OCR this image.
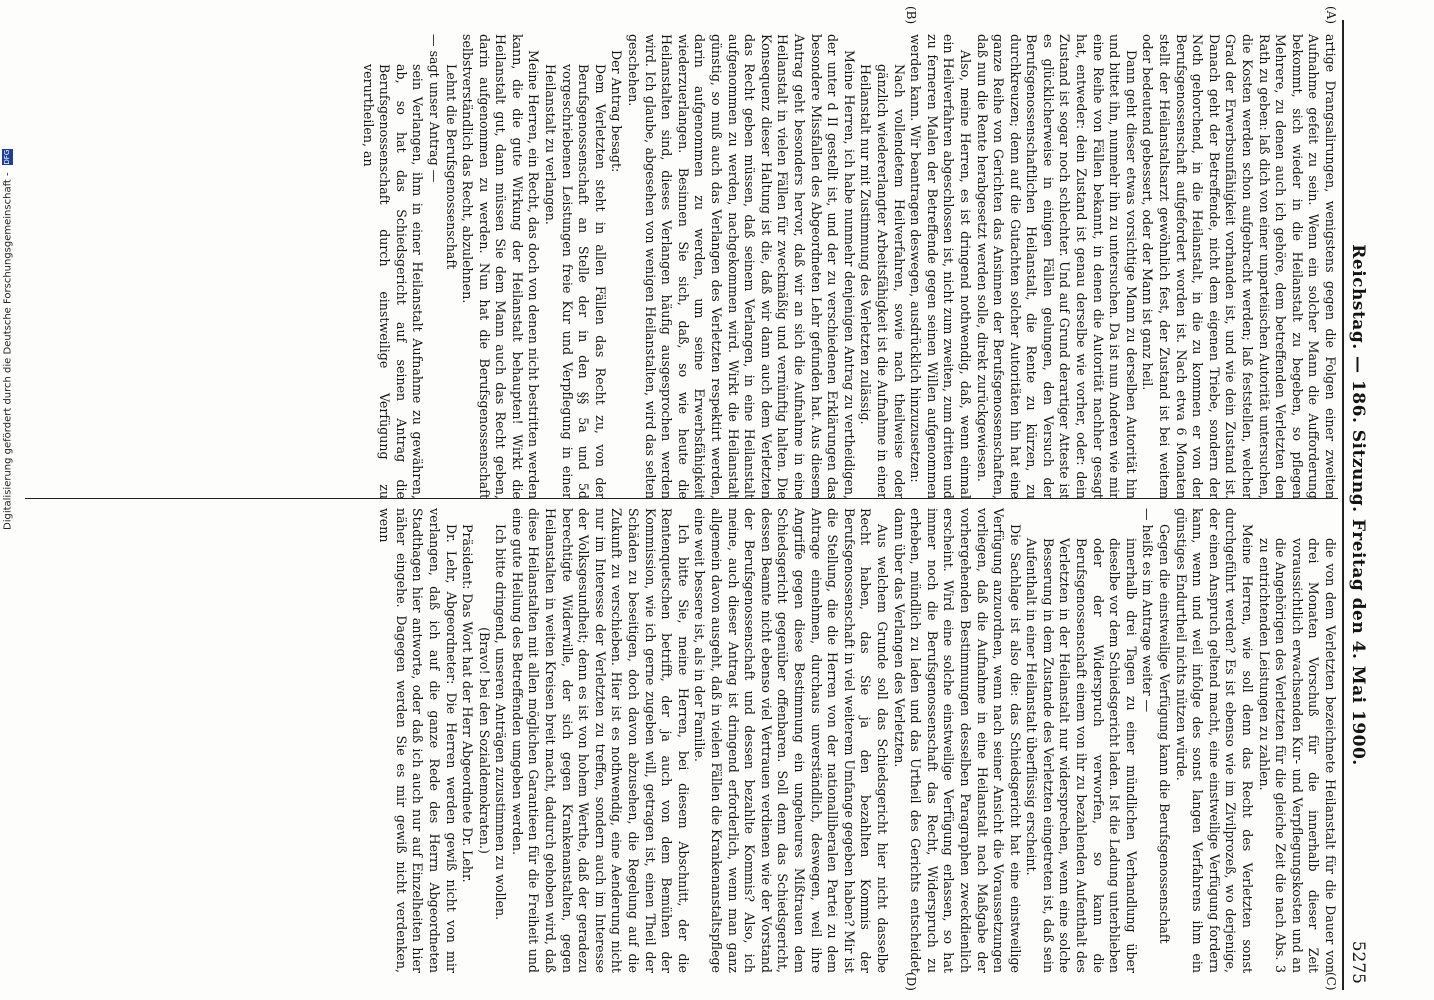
Reichstag. — 186. Sitzung. Freitag den 4. Mai 1900.
5275

artige Drangsalirungen, wenigstens gegen die Folgen einer zweiten Aufnahme gefeit zu sein. Wenn ein solcher Mann die Aufforderung bekommt, sich wieder in die Heilanstalt zu begeben, so pflegen Mehrere, zu denen auch ich gehöre, dem betreffenden Verletzten den Rath zu geben: laß dich von einer unparteiischen Autorität untersuchen, die Kosten werden schon aufgebracht werden; laß feststellen, welcher Grad der Erwerbsunfähigkeit vorhanden ist, und wie dein Zustand ist. Danach geht der Betreffende, nicht dem eigenen Triebe, sondern der Noth gehorchend, in die Heilanstalt, in die zu kommen er von der Berufsgenossenschaft aufgefordert worden ist. Nach etwa 6 Monaten stellt der Heilanstaltsarzt gewöhnlich fest, der Zustand ist bei weitem oder bedeutend gebessert, oder der Mann ist ganz heil.

Dann geht dieser etwas vorsichtige Mann zu derselben Autorität hin und bittet ihn, nunmehr ihn zu untersuchen. Da ist nun Anderen wie mir eine Reihe von Fällen bekannt, in denen die Autorität nachher gesagt hat, entweder: dein Zustand ist genau derselbe wie vorher, oder: dein Zustand ist sogar noch schlechter. Und auf Grund derartiger Atteste ist es glücklicherweise in einigen Fällen gelungen, den Versuch der Berufsgenossenschaftlichen Heilanstalt, die Rente zu kürzen, zu durchkreuzen; denn auf die Gutachten solcher Autoritäten hin hat eine ganze Reihe von Gerichten das Ansinnen der Berufsgenossenschaften, daß nun die Rente herabgesetzt werden solle, direkt zurückgewiesen.

Also, meine Herren, es ist dringend nothwendig, daß, wenn einmal ein Heilverfahren abgeschlossen ist, nicht zum zweiten, zum dritten und zu ferneren Malen der Betreffende gegen seinen Willen aufgenommen werden kann. Wir beantragen deswegen, ausdrücklich hinzuzusetzen:

Nach vollendetem Heilverfahren, sowie nach theilweise oder gänzlich wiedererlangter Arbeitsfähigkeit ist die Aufnahme in einer Heilanstalt nur mit Zustimmung des Verletzten zulässig.

Meine Herren, ich habe nunmehr denjenigen Antrag zu vertheidigen, der unter d II gestellt ist, und der zu verschiedenen Erklärungen das besondere Missfallen des Abgeordneten Lehr gefunden hat. Aus diesem Antrag geht besonders hervor, daß wir an sich die Aufnahme in eine Heilanstalt in vielen Fällen für zweckmäßig und vernünftig halten. Die Konsequenz dieser Haltung ist die, daß wir dann auch dem Verletzten das Recht geben müssen, daß seinem Verlangen, in eine Heilanstalt aufgenommen zu werden, nachgekommen wird. Wirkt die Heilanstalt günstig, so muß auch das Verlangen des Verletzten respektirt werden, darin aufgenommen zu werden, um seine Erwerbsfähigkeit wiederzuerlangen. Besinnen Sie sich, daß, so wie heute die Heilanstalten sind, dieses Verlangen häufig ausgesprochen werden wird. Ich glaube, abgesehen von wenigen Heilanstalten, wird das selten geschehen.

Der Antrag besagt:

Dem Verletzten steht in allen Fällen das Recht zu, von der Berufsgenossenschaft an Stelle der in den §§ 5a und 5d vorgeschriebenen Leistungen freie Kur und Verpflegung in einer Heilanstalt zu verlangen.

Meine Herren, ein Recht, das doch von denen nicht bestritten werden kann, die die gute Wirkung der Heilanstalt behaupten! Wirkt die Heilanstalt gut, dann müssen Sie dem Mann auch das Recht geben, darin aufgenommen zu werden. Nun hat die Berufsgenossenschaft selbstverständlich das Recht, abzulehnen.

Lehnt die Berufsgenossenschaft

— sagt unser Antrag —

sein Verlangen, ihm in einer Heilanstalt Aufnahme zu gewähren, ab, so hat das Schiedsgericht auf seinen Antrag die Berufsgenossenschaft durch einstweilige Verfügung zu verurtheilen, an

die von dem Verletzten bezeichnete Heilanstalt für die Dauer von drei Monaten Vorschuß für die innerhalb dieser Zeit voraussichtlich erwachsenden Kur- und Verpflegungskosten und an die Angehörigen des Verletzten für die gleiche Zeit die nach Abs. 3 zu entrichtenden Leistungen zu zahlen.

Meine Herren, wie soll denn das Recht des Verletzten sonst durchgeführt werden? Es ist ebenso wie im Zivilprozeß, wo derjenige, der einen Anspruch geltend macht, eine einstweilige Verfügung fordern kann, wenn und weil infolge des sonst langen Verfahrens ihm ein günstiges Endurtheil nichts nützen würde.

Gegen die einstweilige Verfügung kann die Berufsgenossenschaft

— heißt es im Antrage weiter —

innerhalb drei Tagen zu einer mündlichen Verhandlung über dieselbe vor dem Schiedsgericht laden. Ist die Ladung unterblieben oder der Widerspruch verworfen, so kann die Berufsgenossenschaft einem von ihr zu bezahlenden Aufenthalt des Verletzten in der Heilanstalt nur widersprechen, wenn eine solche Besserung in dem Zustande des Verletzten eingetreten ist, daß sein Aufenthalt in einer Heilanstalt überflüssig erscheint.

Die Sachlage ist also die: das Schiedsgericht hat eine einstweilige Verfügung anzuordnen, wenn nach seiner Ansicht die Voraussetzungen vorliegen, daß die Aufnahme in eine Heilanstalt nach Maßgabe der vorhergehenden Bestimmungen desselben Paragraphen zweckdienlich erscheint. Wird eine solche einstweilige Verfügung erlassen, so hat immer noch die Berufsgenossenschaft das Recht, Widerspruch zu erheben, mündlich zu laden und das Urtheil des Gerichts entscheidet dann über das Verlangen des Verletzten.

Aus welchem Grunde soll das Schiedsgericht hier nicht dasselbe Recht haben, das Sie ja den bezahlten Kommis der Berufsgenossenschaft in viel weiterem Umfange gegeben haben? Mir ist die Stellung, die die Herren von der nationalliberalen Partei zu dem Antrage einnehmen, durchaus unverständlich, deswegen, weil ihre Angriffe gegen diese Bestimmung ein ungeheures Mißtrauen dem Schiedsgericht gegenüber offenbaren. Soll denn das Schiedsgericht, dessen Beamte nicht ebenso viel Vertrauen verdienen wie der Vorstand der Berufsgenossenschaft und dessen bezahlte Kommis? Also, ich meine, auch dieser Antrag ist dringend erforderlich, wenn man ganz allgemein davon ausgeht, daß in vielen Fällen die Krankenanstaltspflege eine weit bessere ist, als in der Familie.

Ich bitte Sie, meine Herren, bei diesem Abschnitt, der die Rentenquetschen betrifft, der ja auch von dem Bemühen der Kommission, wie ich gerne zugeben will, getragen ist, einen Theil der Schäden zu beseitigen, doch davon abzusehen, die Regelung auf die Zukunft zu verschieben. Hier ist es nothwendig, eine Aenderung nicht nur im Interesse der Verletzten zu treffen, sondern auch im Interesse der Volksgesundheit; denn es ist von hohem Werthe, daß der geradezu berechtigte Widerwille, der sich gegen Krankenanstalten, gegen Heilanstalten in weiten Kreisen breit macht, dadurch gehoben wird, daß diese Heilanstalten mit allen möglichen Garantieen für die Freiheit und eine gute Heilung des Betreffenden umgeben werden.

Ich bitte dringend, unseren Anträgen zuzustimmen zu wollen.

(Bravo! bei den Sozialdemokraten.)

Präsident: Das Wort hat der Herr Abgeordnete Dr. Lehr.

Dr. Lehr, Abgeordneter: Die Herren werden gewiß nicht von mir verlangen, daß ich auf die ganze Rede des Herrn Abgeordneten Stadthagen hier antworte, oder daß ich auch nur auf Einzelheiten hier näher eingehe. Dagegen werden Sie es mir gewiß nicht verdenken, wenn

(A)
(B)
(C)
(D)
Digitalisierung gefördert durch die Deutsche Forschungsgemeinschaft - DFG
